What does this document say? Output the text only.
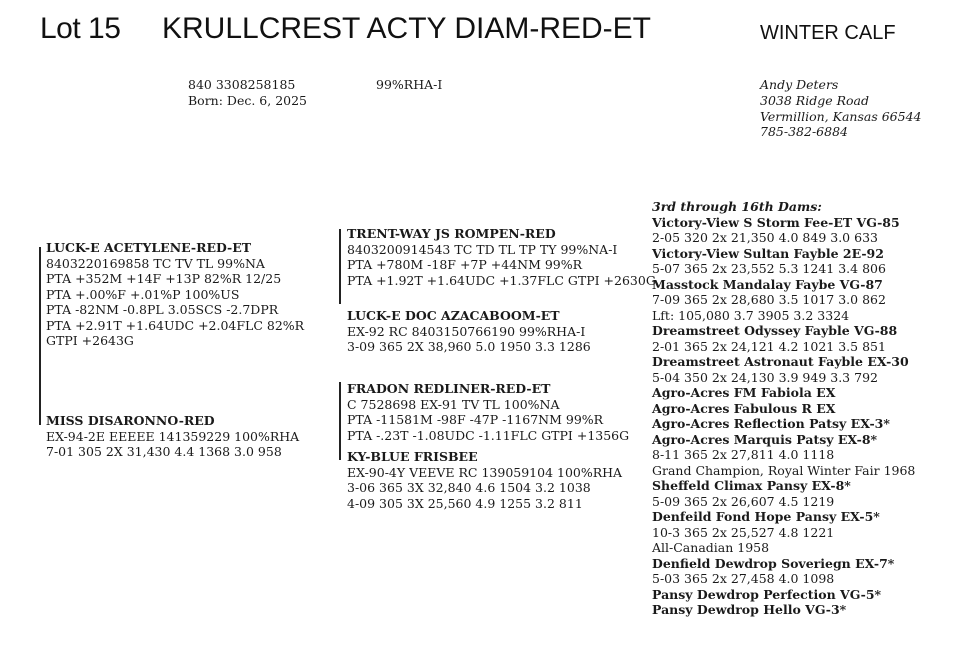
Lot 15 KRULLCREST ACTY DIAM-RED-ET	WINTER CALF
840 3308258185
Born: Dec. 6, 2025
99%RHA-I	Andy Deters
3038 Ridge Road
Vermillion, Kansas 66544
785-382-6884
LUCK-E ACETYLENE-RED-ET
8403220169858 TC TV TL 99%NA
PTA +352M +14F +13P 82%R 12/25
PTA +.00%F +.01%P 100%US
PTA -82NM -0.8PL 3.05SCS -2.7DPR
PTA +2.91T +1.64UDC +2.04FLC 82%R
GTPI +2643G
MISS DISARONNO-RED
EX-94-2E EEEEE 141359229 100%RHA
7-01 305 2X 31,430 4.4 1368 3.0 958
TRENT-WAY JS ROMPEN-RED
8403200914543 TC TD TL TP TY 99%NA-I
PTA +780M -18F +7P +44NM 99%R
PTA +1.92T +1.64UDC +1.37FLC GTPI +2630G
LUCK-E DOC AZACABOOM-ET
EX-92 RC 8403150766190 99%RHA-I
3-09 365 2X 38,960 5.0 1950 3.3 1286
FRADON REDLINER-RED-ET
C 7528698 EX-91 TV TL 100%NA
PTA -11581M -98F -47P -1167NM 99%R
PTA -.23T -1.08UDC -1.11FLC GTPI +1356G
KY-BLUE FRISBEE
EX-90-4Y VEEVE RC 139059104 100%RHA
3-06 365 3X 32,840 4.6 1504 3.2 1038
4-09 305 3X 25,560 4.9 1255 3.2 811
3rd through 16th Dams:
Victory-View S Storm Fee-ET VG-85
2-05 320 2x 21,350 4.0 849 3.0 633
Victory-View Sultan Fayble 2E-92
5-07 365 2x 23,552 5.3 1241 3.4 806
Masstock Mandalay Faybe VG-87
7-09 365 2x 28,680 3.5 1017 3.0 862
Lft: 105,080 3.7 3905 3.2 3324
Dreamstreet Odyssey Fayble VG-88
2-01 365 2x 24,121 4.2 1021 3.5 851
Dreamstreet Astronaut Fayble EX-30
5-04 350 2x 24,130 3.9 949 3.3 792
Agro-Acres FM Fabiola EX
Agro-Acres Fabulous R EX
Agro-Acres Reflection Patsy EX-3*
Agro-Acres Marquis Patsy EX-8*
8-11 365 2x 27,811 4.0 1118
Grand Champion, Royal Winter Fair 1968
Sheffeld Climax Pansy EX-8*
5-09 365 2x 26,607 4.5 1219
Denfeild Fond Hope Pansy EX-5*
10-3 365 2x 25,527 4.8 1221
All-Canadian 1958
Denfield Dewdrop Soveriegn EX-7*
5-03 365 2x 27,458 4.0 1098
Pansy Dewdrop Perfection VG-5*
Pansy Dewdrop Hello VG-3*
